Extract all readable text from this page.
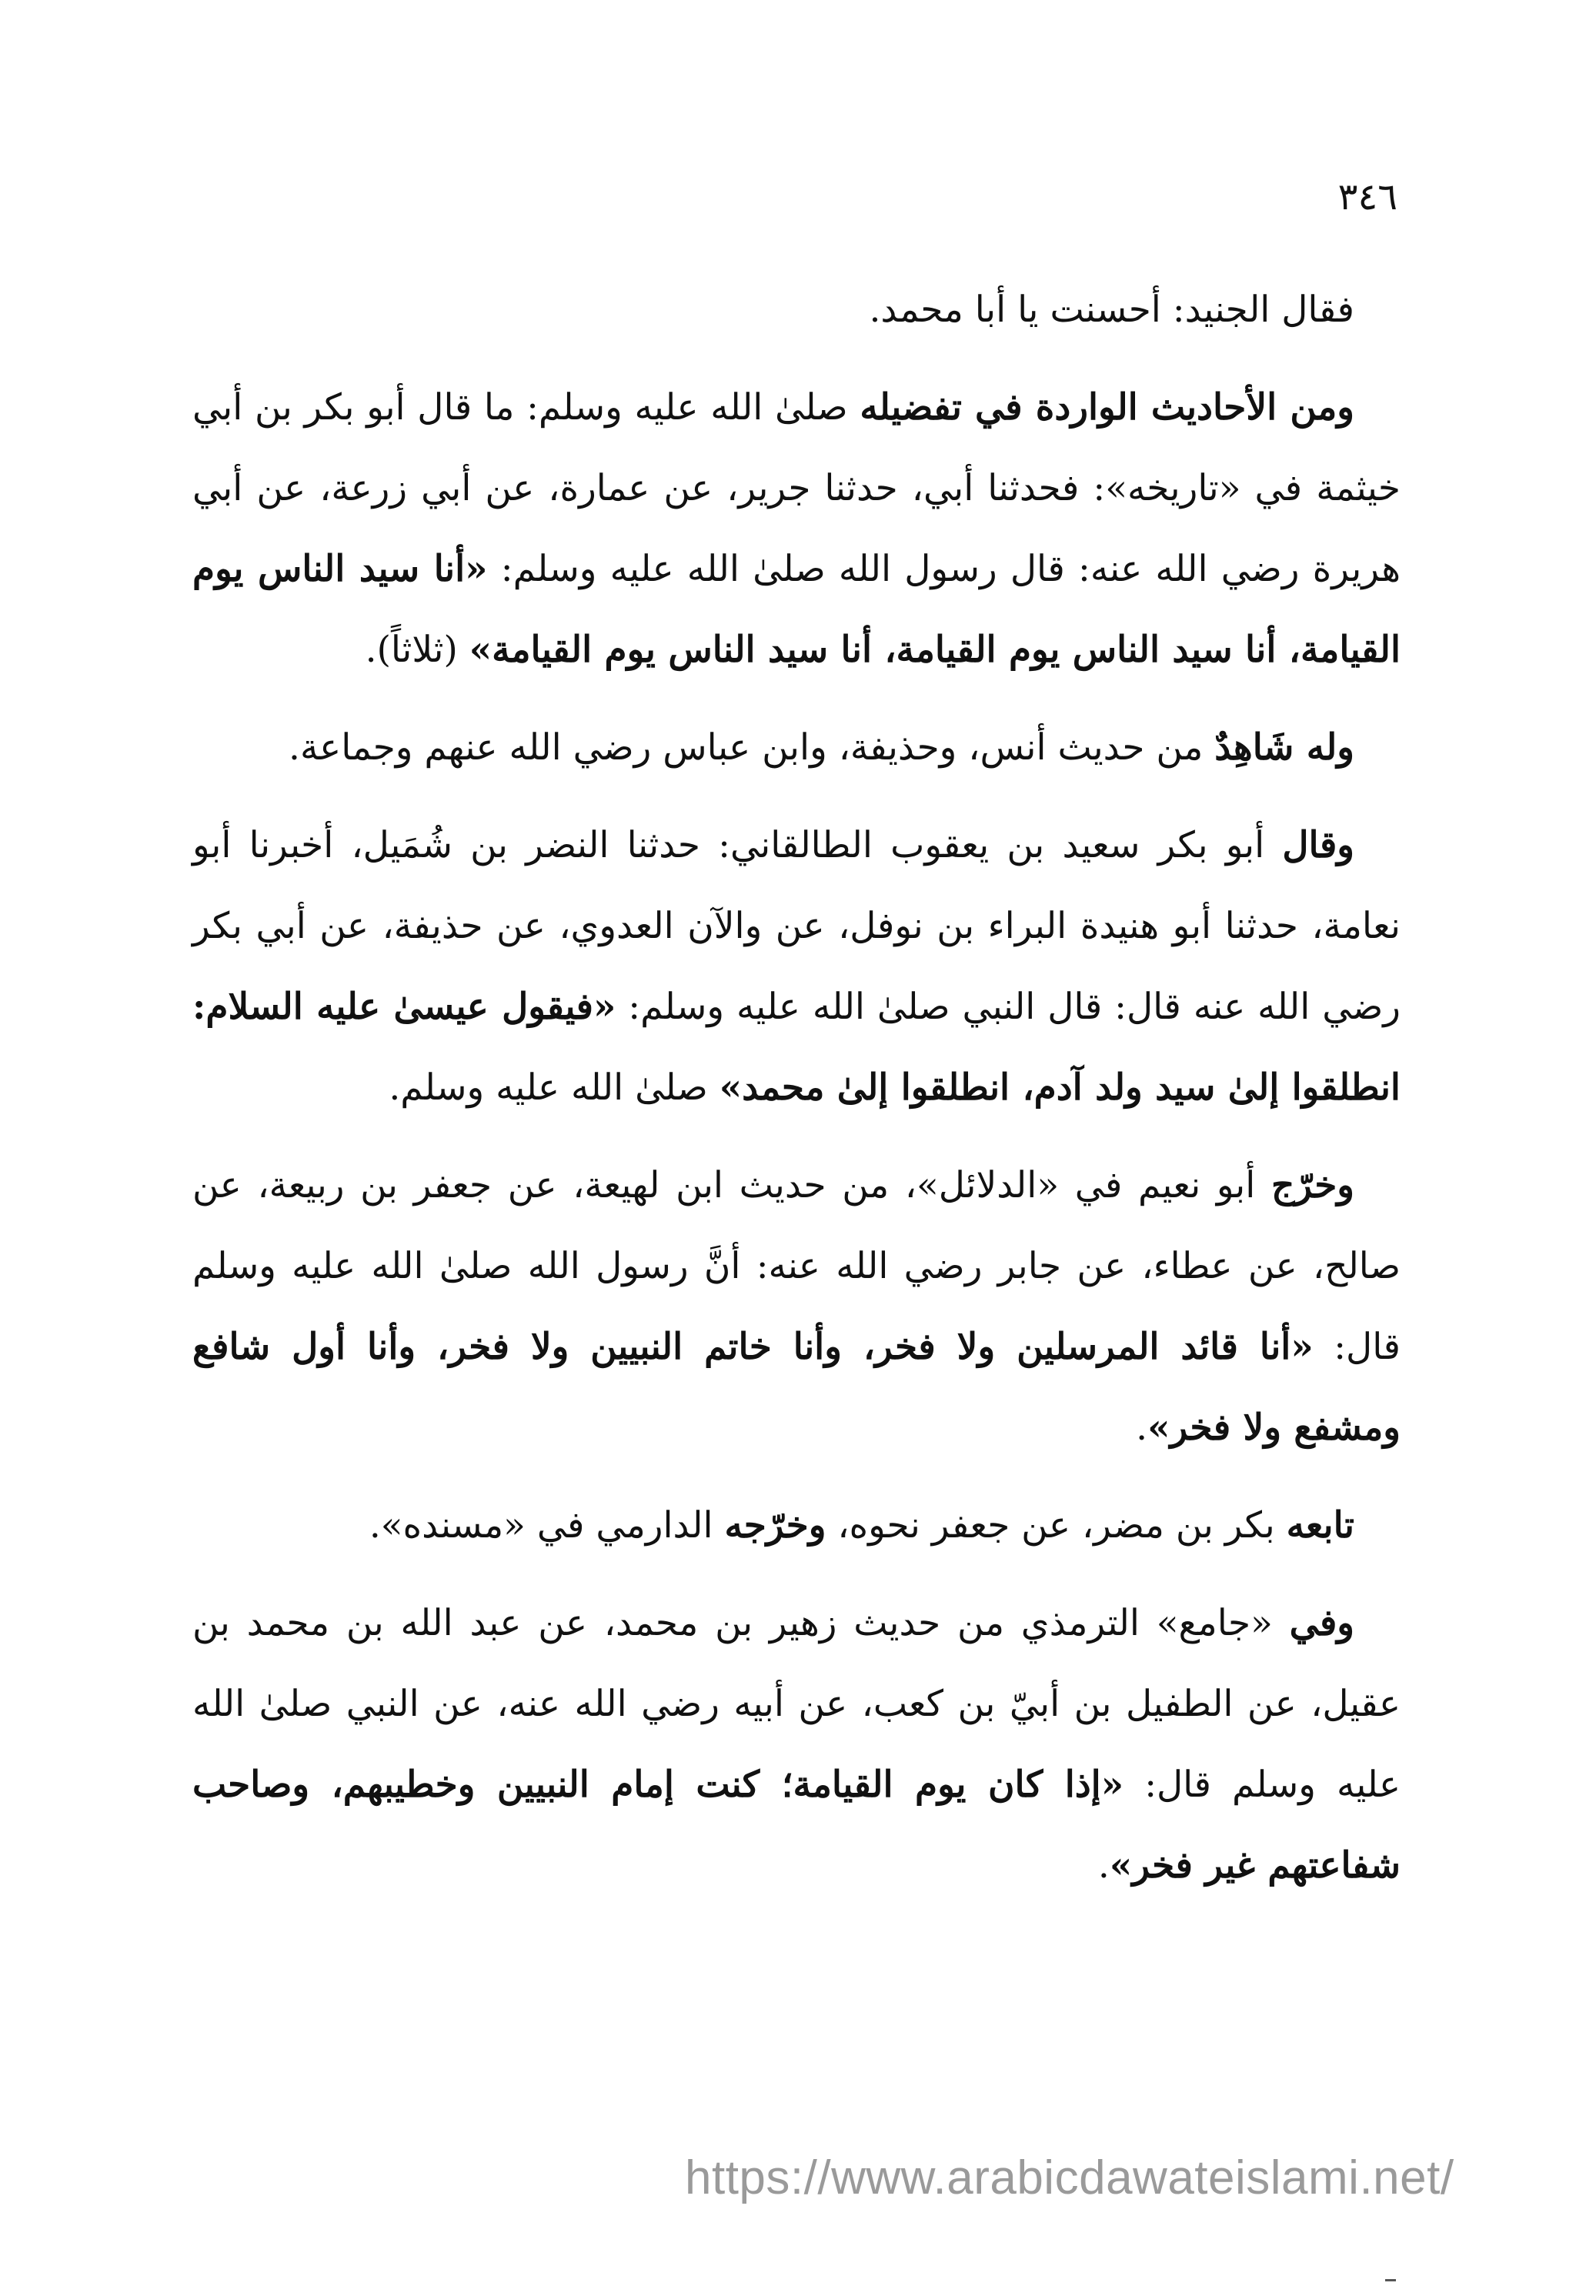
٣٤٦

فقال الجنيد: أحسنت يا أبا محمد.

ومن الأحاديث الواردة في تفضيله صلىٰ الله عليه وسلم: ما قال أبو بكر بن أبي خيثمة في «تاريخه»: فحدثنا أبي، حدثنا جرير، عن عمارة، عن أبي زرعة، عن أبي هريرة رضي الله عنه: قال رسول الله صلىٰ الله عليه وسلم: «أنا سيد الناس يوم القيامة، أنا سيد الناس يوم القيامة، أنا سيد الناس يوم القيامة» (ثلاثاً).

وله شَاهِدٌ من حديث أنس، وحذيفة، وابن عباس رضي الله عنهم وجماعة.

وقال أبو بكر سعيد بن يعقوب الطالقاني: حدثنا النضر بن شُمَيل، أخبرنا أبو نعامة، حدثنا أبو هنيدة البراء بن نوفل، عن والآن العدوي، عن حذيفة، عن أبي بكر رضي الله عنه قال: قال النبي صلىٰ الله عليه وسلم: «فيقول عيسىٰ عليه السلام: انطلقوا إلىٰ سيد ولد آدم، انطلقوا إلىٰ محمد» صلىٰ الله عليه وسلم.

وخرّج أبو نعيم في «الدلائل»، من حديث ابن لهيعة، عن جعفر بن ربيعة، عن صالح، عن عطاء، عن جابر رضي الله عنه: أنَّ رسول الله صلىٰ الله عليه وسلم قال: «أنا قائد المرسلين ولا فخر، وأنا خاتم النبيين ولا فخر، وأنا أول شافع ومشفع ولا فخر».

تابعه بكر بن مضر، عن جعفر نحوه، وخرّجه الدارمي في «مسنده».

وفي «جامع» الترمذي من حديث زهير بن محمد، عن عبد الله بن محمد بن عقيل، عن الطفيل بن أبيّ بن كعب، عن أبيه رضي الله عنه، عن النبي صلىٰ الله عليه وسلم قال: «إذا كان يوم القيامة؛ كنت إمام النبيين وخطيبهم، وصاحب شفاعتهم غير فخر».

https://www.arabicdawateislami.net/
